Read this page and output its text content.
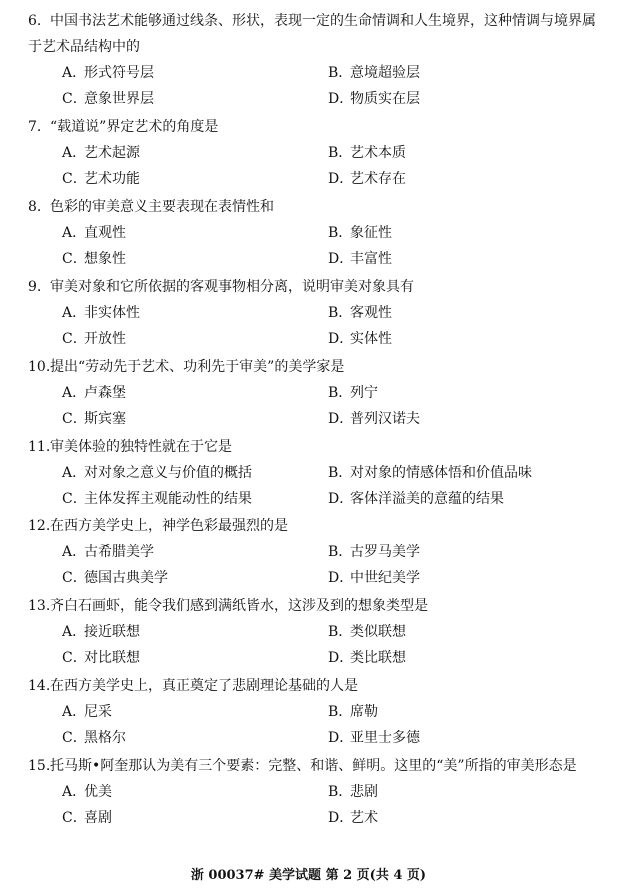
6. 中国书法艺术能够通过线条、形状，表现一定的生命情调和人生境界，这种情调与境界属于艺术品结构中的
A．形式符号层	B．意境超验层
C．意象世界层	D．物质实在层
7. “载道说”界定艺术的角度是
A．艺术起源	B．艺术本质
C．艺术功能	D．艺术存在
8. 色彩的审美意义主要表现在表情性和
A．直观性	B．象征性
C．想象性	D．丰富性
9. 审美对象和它所依据的客观事物相分离，说明审美对象具有
A．非实体性	B．客观性
C．开放性	D．实体性
10.提出“劳动先于艺术、功利先于审美”的美学家是
A．卢森堡	B．列宁
C．斯宾塞	D．普列汉诺夫
11.审美体验的独特性就在于它是
A．对对象之意义与价值的概括	B．对对象的情感体悟和价值品味
C．主体发挥主观能动性的结果	D．客体洋溢美的意蕴的结果
12.在西方美学史上，神学色彩最强烈的是
A．古希腊美学	B．古罗马美学
C．德国古典美学	D．中世纪美学
13.齐白石画虾，能令我们感到满纸皆水，这涉及到的想象类型是
A．接近联想	B．类似联想
C．对比联想	D．类比联想
14.在西方美学史上，真正奠定了悲剧理论基础的人是
A．尼采	B．席勒
C．黑格尔	D．亚里士多德
15.托马斯•阿奎那认为美有三个要素：完整、和谐、鲜明。这里的“美”所指的审美形态是
A．优美	B．悲剧
C．喜剧	D．艺术
浙 00037# 美学试题 第 2 页(共 4 页)
